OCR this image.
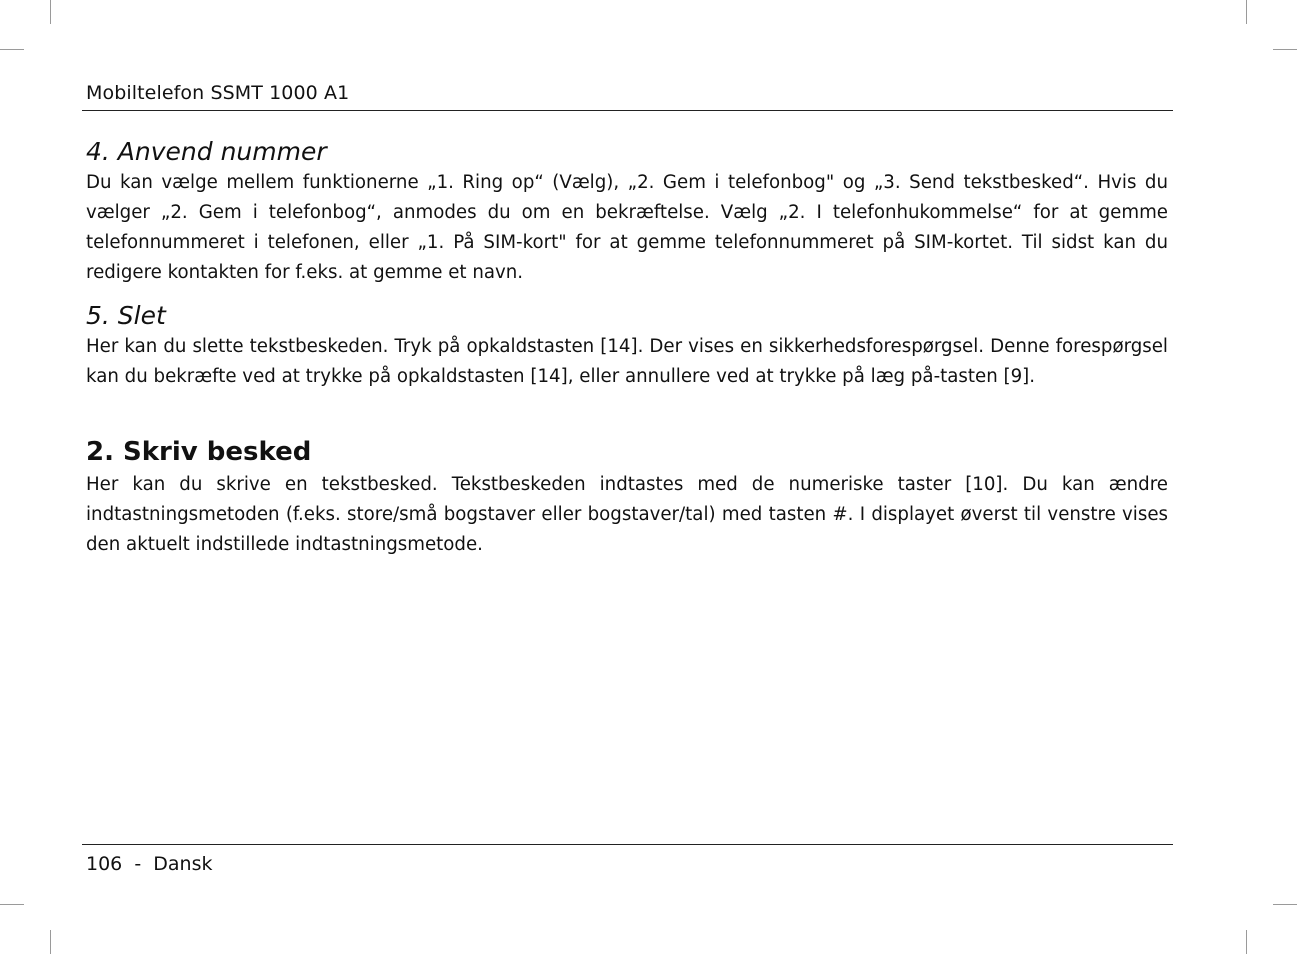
Mobiltelefon SSMT 1000 A1
4. Anvend nummer

Du kan vælge mellem funktionerne „1. Ring op“ (Vælg), „2. Gem i telefonbog" og „3. Send tekstbesked“. Hvis du vælger „2. Gem i telefonbog“, anmodes du om en bekræftelse. Vælg „2. I telefonhukommelse“ for at gemme telefonnummeret i telefonen, eller „1. På SIM-kort" for at gemme telefonnummeret på SIM-kortet. Til sidst kan du redigere kontakten for f.eks. at gemme et navn.

5. Slet

Her kan du slette tekstbeskeden. Tryk på opkaldstasten [14]. Der vises en sikkerhedsforespørgsel. Denne forespørgsel kan du bekræfte ved at trykke på opkaldstasten [14], eller annullere ved at trykke på læg på-tasten [9].

2. Skriv besked

Her kan du skrive en tekstbesked. Tekstbeskeden indtastes med de numeriske taster [10]. Du kan ændre indtastningsmetoden (f.eks. store/små bogstaver eller bogstaver/tal) med tasten #. I displayet øverst til venstre vises den aktuelt indstillede indtastningsmetode.

106  -  Dansk
